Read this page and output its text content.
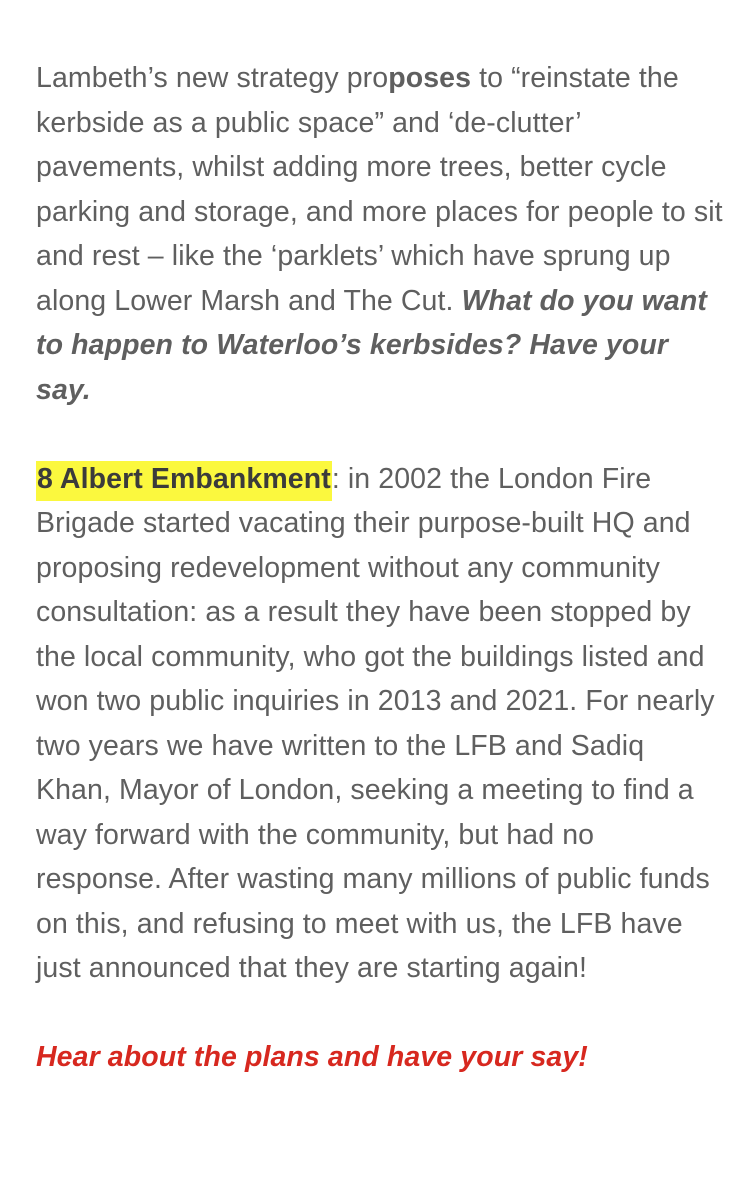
Lambeth’s new strategy proposes to “reinstate the kerbside as a public space” and ‘de-clutter’ pavements, whilst adding more trees, better cycle parking and storage, and more places for people to sit and rest – like the ‘parklets’ which have sprung up along Lower Marsh and The Cut. What do you want to happen to Waterloo’s kerbsides? Have your say.

8 Albert Embankment: in 2002 the London Fire Brigade started vacating their purpose-built HQ and proposing redevelopment without any community consultation: as a result they have been stopped by the local community, who got the buildings listed and won two public inquiries in 2013 and 2021. For nearly two years we have written to the LFB and Sadiq Khan, Mayor of London, seeking a meeting to find a way forward with the community, but had no response. After wasting many millions of public funds on this, and refusing to meet with us, the LFB have just announced that they are starting again!

Hear about the plans and have your say!
